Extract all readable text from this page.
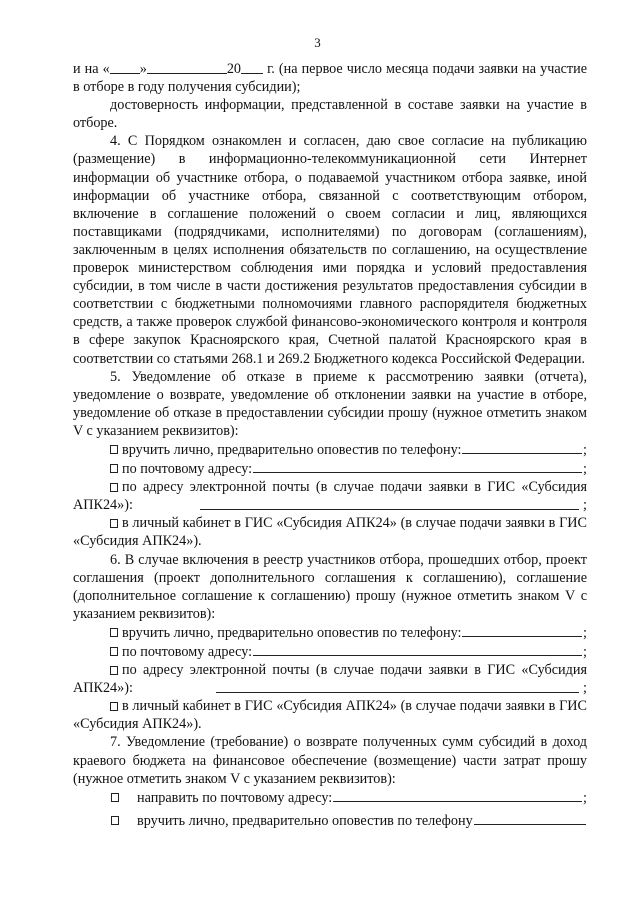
3

и на « »	20 г. (на первое число месяца подачи заявки на участие в отборе в году получения субсидии);

достоверность информации, представленной в составе заявки на участие в отборе.

4. С Порядком ознакомлен и согласен, даю свое согласие на публикацию (размещение) в информационно-телекоммуникационной сети Интернет информации об участнике отбора, о подаваемой участником отбора заявке, иной информации об участнике отбора, связанной с соответствующим отбором, включение в соглашение положений о своем согласии и лиц, являющихся поставщиками (подрядчиками, исполнителями) по договорам (соглашениям), заключенным в целях исполнения обязательств по соглашению, на осуществление проверок министерством соблюдения ими порядка и условий предоставления субсидии, в том числе в части достижения результатов предоставления субсидии в соответствии с бюджетными полномочиями главного распорядителя бюджетных средств, а также проверок службой финансово-экономического контроля и контроля в сфере закупок Красноярского края, Счетной палатой Красноярского края в соответствии со статьями 268.1 и 269.2 Бюджетного кодекса Российской Федерации.

5. Уведомление об отказе в приеме к рассмотрению заявки (отчета), уведомление о возврате, уведомление об отклонении заявки на участие в отборе, уведомление об отказе в предоставлении субсидии прошу (нужное отметить знаком V с указанием реквизитов):

вручить лично, предварительно оповестив по телефону:	;
по почтовому адресу:	;

по адресу электронной почты (в случае подачи заявки в ГИС «Субсидия АПК24»):	;

в личный кабинет в ГИС «Субсидия АПК24» (в случае подачи заявки в ГИС «Субсидия АПК24»).

6. В случае включения в реестр участников отбора, прошедших отбор, проект соглашения (проект дополнительного соглашения к соглашению), соглашение (дополнительное соглашение к соглашению) прошу (нужное отметить знаком V с указанием реквизитов):

вручить лично, предварительно оповестив по телефону:	;
по почтовому адресу:	;

по адресу электронной почты (в случае подачи заявки в ГИС «Субсидия АПК24»):	;

в личный кабинет в ГИС «Субсидия АПК24» (в случае подачи заявки в ГИС «Субсидия АПК24»).

7. Уведомление (требование) о возврате полученных сумм субсидий в доход краевого бюджета на финансовое обеспечение (возмещение) части затрат прошу (нужное отметить знаком V с указанием реквизитов):

направить по почтовому адресу:	;
вручить лично, предварительно оповестив по телефону
